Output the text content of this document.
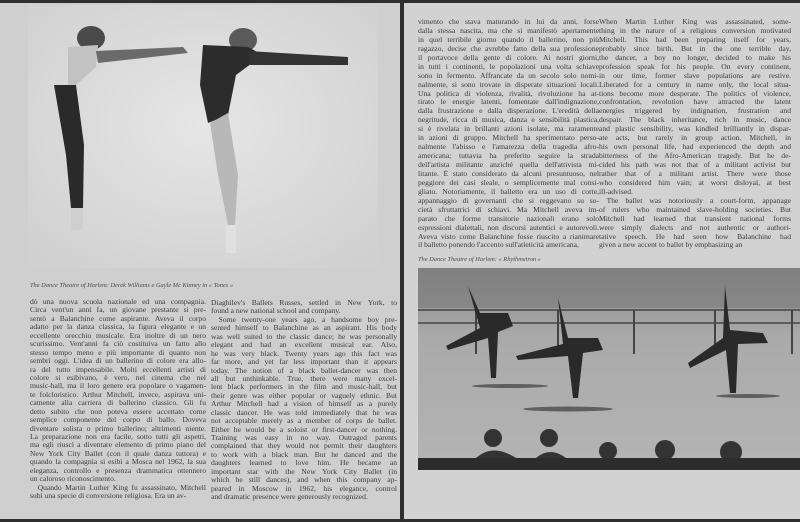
The Dance Theatre of Harlem: Derek Williams e Gayle Mc Kinney in « Tones »
dò una nuova scuola nazionale ed una compagnia.
Circa vent'un anni fa, un giovane prestante si pre-
sentò a Balanchine come aspirante. Aveva il corpo
adatto per la danza classica, la figura elegante e un
eccellente orecchio musicale. Era inoltre di un nero
scurissimo. Vent'anni fa ciò costituiva un fatto allo
stesso tempo meno e più importante di quanto non
sembri oggi. L'idea di un ballerino di colore era allo-
ra del tutto impensabile. Molti eccellenti artisti di
colore si esibivano, è vero, nel cinema che nel
music-hall, ma il loro genere era popolare o vagamen-
te folcloristico. Arthur Mitchell, invece, aspirava uni-
camente alla carriera di ballerino classico. Gli fu
detto subito che non poteva essere accettato come
semplice componente del corpo di ballo. Doveva
diventare solista o primo ballerino; altrimenti niente.
La preparazione non era facile, sotto tutti gli aspetti,
ma egli riuscì a diventare elemento di primo piano del
New York City Ballet (con il quale danza tuttora) e
quando la compagnia si esibì a Mosca nel 1962, la sua
eleganza, controllo e presenza drammatica ottennero
un caloroso riconoscimento.
 Quando Martin Luther King fu assassinato, Mitchell
subì una specie di conversione religiosa. Era un av-
Diaghilev's Ballets Russes, settled in New York, to
found a new national school and company.
 Some twenty-one years ago, a handsome boy pre-
sented himself to Balanchine as an aspirant. His body
was well suited to the classic dance; he was personally
elegant and had an excellent musical ear. Also,
he was very black. Twenty years ago this fact was
far more, and yet far less important than it appears
today. The notion of a black ballet-dancer was then
all but unthinkable. True, there were many excel-
lent black performers in the film and music-hall, but
their genre was either popular or vaguely ethnic. But
Arthur Mitchell had a vision of himself as a purely
classic dancer. He was told immediately that he was
not acceptable merely as a member of corps de ballet.
Either he would be a soloist or first-dancer or nothing.
Training was easy in no way. Outraged parents
complained that they would not permit their daughters
to work with a black man. But he danced and the
daughters learned to love him. He became an
important star with the New York City Ballet (in
which he still dances), and when this company ap-
peared in Moscow in 1962, his elegance, control
and dramatic presence were generously recognized.
vimento che stava maturando in lui da anni, forse
dalla stessa nascita, ma che si manifestò apertamente
in quel terribile giorno quando il ballerino, non più
ragazzo, decise che avrebbe fatto della sua professione
il portavoce della gente di colore. Ai nostri giorni,
in tutti i continenti, le popolazioni una volta schiave
sono in fermento. Affrancate da un secolo solo nomi-
nalmente, si sono trovate in disperate situazioni locali.
Una politica di violenza, rivalità, rivoluzione ha at-
tirato le energie latenti, fomentate dall'indignazione,
dalla frustrazione e dalla disperazione. L'eredità della
negritude, ricca di musica, danza e sensibilità plastica,
si è rivelata in brillanti azioni isolate, ma raramente
in azioni di gruppo. Mitchell ha sperimentato perso-
nalmente l'abisso e l'amarezza della tragedia afro-
americana; tuttavia ha preferito seguire la strada
dell'artista militante anziché quella dell'attivista mi-
litante. È stato considerato da alcuni presuntuoso, nel
peggiore dei casi sleale, o semplicemente mal consi-
gliato. Notoriamente, il balletto era un uso di corte,
appannaggio di governanti che si reggevano su so-
cietà sfruttatrici di schiavi. Ma Mitchell aveva im-
parato che forme transitorie nazionali erano solo
espressioni dialettali, non discorsi autentici e autorevoli.
Aveva visto come Balanchine fosse riuscito a rianimare
il balletto ponendo l'accento sull'atleticità americana,
When Martin Luther King was assassinated, some-
thing in the nature of a religious conversion motivated
Mitchell. This had been preparing itself for years,
probably since birth. But in the one terrible day,
the dancer, a boy no longer, decided to make his
profession speak for his people. On every continent,
in our time, former slave populations are restive.
Liberated for a century in name only, the local situa-
tions become more desperate. The politics of violence,
confrontation, revolution have attracted the latent
energies triggered by indignation, frustration and
despair. The black inheritance, rich in music, dance
and plastic sensibility, was kindled brilliantly in dispar-
ate acts, but rarely in group action. Mitchell, in
his own personal life, had experienced the depth and
bitterness of the Afro-American tragedy. But he de-
cided his path was not that of a militant activist but
rather that of a militant artist. There were those
who considered him vain; at worst disloyal, at best
ill-advised.
 The ballet was notoriously a court-form, appanage
of rulers who maintained slave-holding societies. But
Mitchell had learned that transient national forms
were simply dialects and not authentic or authori-
tative speech. He had seen how Balanchine had
given a new accent to ballet by emphasizing an
The Dance Theatre of Harlem: « Rhythmetron »
